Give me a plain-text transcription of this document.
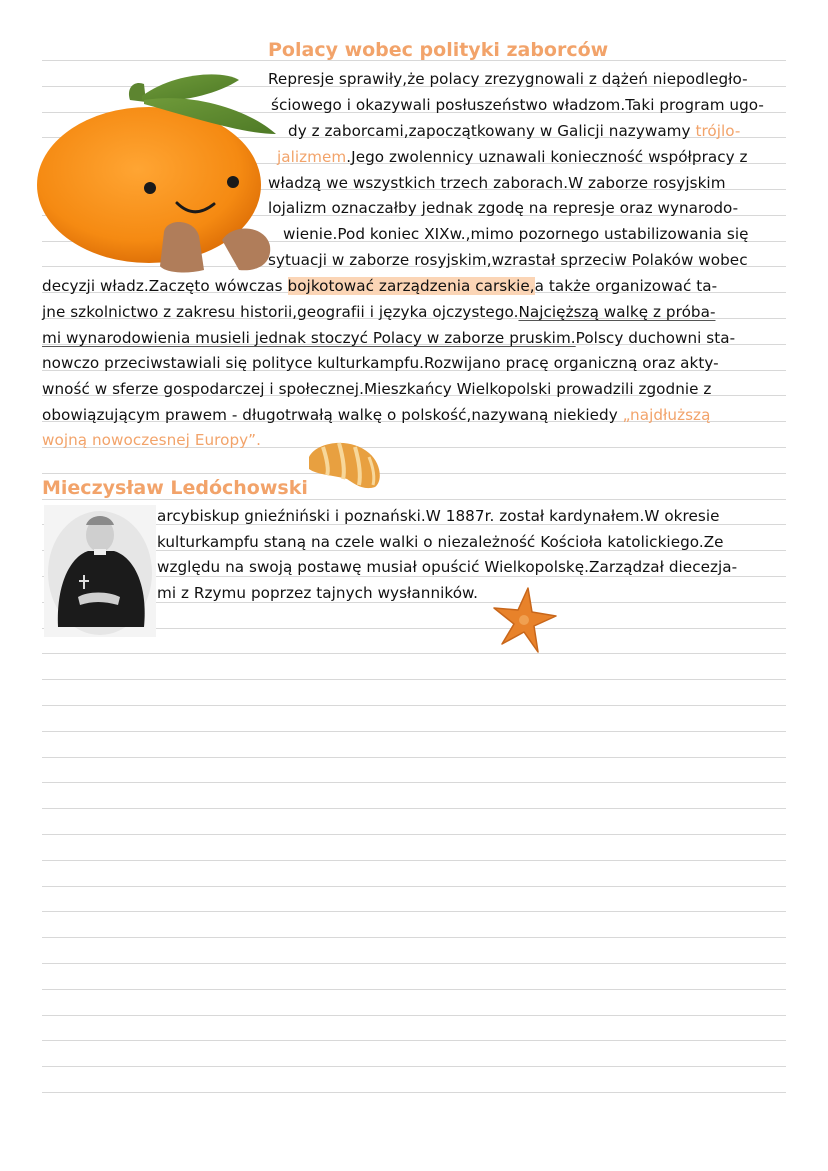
Polacy wobec polityki zaborców
Represje sprawiły,że polacy zrezygnowali z dążeń niepodległo-
ściowego i okazywali posłuszeństwo władzom.Taki program ugo-
dy z zaborcami,zapoczątkowany w Galicji nazywamy trójlo-
jalizmem.Jego zwolennicy uznawali konieczność współpracy z
władzą we wszystkich trzech zaborach.W zaborze rosyjskim
lojalizm oznaczałby jednak zgodę na represje oraz wynarodo-
wienie.Pod koniec XIXw.,mimo pozornego ustabilizowania się
sytuacji w zaborze rosyjskim,wzrastał sprzeciw Polaków wobec
decyzji władz.Zaczęto wówczas bojkotować zarządzenia carskie,a także organizować ta-
jne szkolnictwo z zakresu historii,geografii i języka ojczystego.Najcięższą walkę z próba-
mi wynarodowienia musieli jednak stoczyć Polacy w zaborze pruskim.Polscy duchowni sta-
nowczo przeciwstawiali się polityce kulturkampfu.Rozwijano pracę organiczną oraz akty-
wność w sferze gospodarczej i społecznej.Mieszkańcy Wielkopolski prowadzili zgodnie z
obowiązującym prawem - długotrwałą walkę o polskość,nazywaną niekiedy „najdłuższą
wojną nowoczesnej Europy”.
Mieczysław Ledóchowski
arcybiskup gnieźniński i poznański.W 1887r. został kardynałem.W okresie
kulturkampfu staną na czele walki o niezależność Kościoła katolickiego.Ze
względu na swoją postawę musiał opuścić Wielkopolskę.Zarządzał diecezja-
mi z Rzymu poprzez tajnych wysłanników.
